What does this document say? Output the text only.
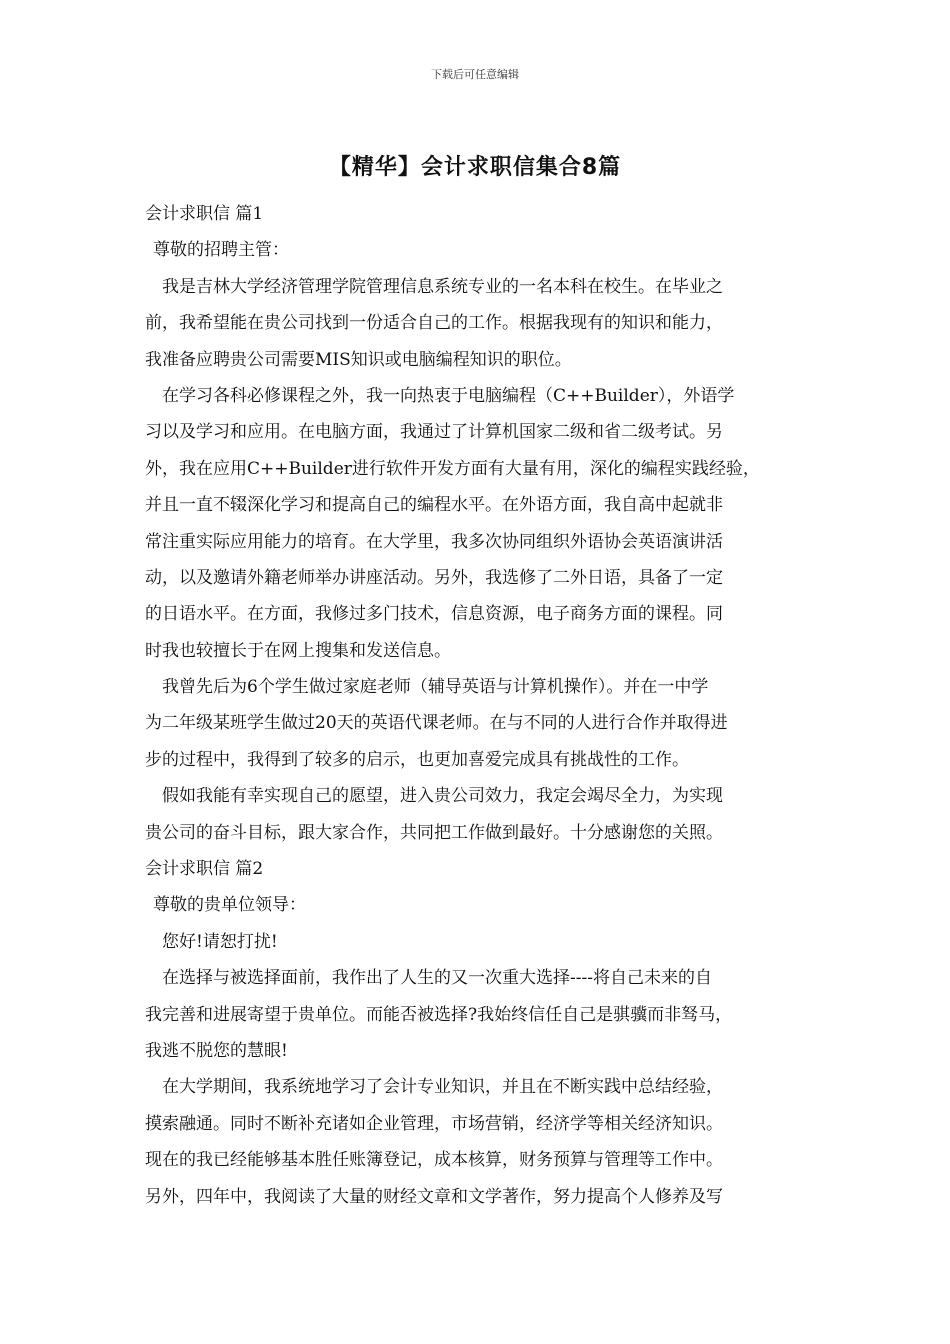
下载后可任意编辑
【精华】会计求职信集合8篇
会计求职信 篇1
尊敬的招聘主管：
我是吉林大学经济管理学院管理信息系统专业的一名本科在校生。在毕业之
前，我希望能在贵公司找到一份适合自己的工作。根据我现有的知识和能力，
我准备应聘贵公司需要MIS知识或电脑编程知识的职位。
在学习各科必修课程之外，我一向热衷于电脑编程（C++Builder），外语学
习以及学习和应用。在电脑方面，我通过了计算机国家二级和省二级考试。另
外，我在应用C++Builder进行软件开发方面有大量有用，深化的编程实践经验，
并且一直不辍深化学习和提高自己的编程水平。在外语方面，我自高中起就非
常注重实际应用能力的培育。在大学里，我多次协同组织外语协会英语演讲活
动，以及邀请外籍老师举办讲座活动。另外，我选修了二外日语，具备了一定
的日语水平。在方面，我修过多门技术，信息资源，电子商务方面的课程。同
时我也较擅长于在网上搜集和发送信息。
我曾先后为6个学生做过家庭老师（辅导英语与计算机操作）。并在一中学
为二年级某班学生做过20天的英语代课老师。在与不同的人进行合作并取得进
步的过程中，我得到了较多的启示，也更加喜爱完成具有挑战性的工作。
假如我能有幸实现自己的愿望，进入贵公司效力，我定会竭尽全力，为实现
贵公司的奋斗目标，跟大家合作，共同把工作做到最好。十分感谢您的关照。
会计求职信 篇2
尊敬的贵单位领导：
您好!请恕打扰!
在选择与被选择面前，我作出了人生的又一次重大选择----将自己未来的自
我完善和进展寄望于贵单位。而能否被选择?我始终信任自己是骐骥而非驽马，
我逃不脱您的慧眼!
在大学期间，我系统地学习了会计专业知识，并且在不断实践中总结经验，
摸索融通。同时不断补充诸如企业管理，市场营销，经济学等相关经济知识。
现在的我已经能够基本胜任账簿登记，成本核算，财务预算与管理等工作中。
另外，四年中，我阅读了大量的财经文章和文学著作，努力提高个人修养及写
